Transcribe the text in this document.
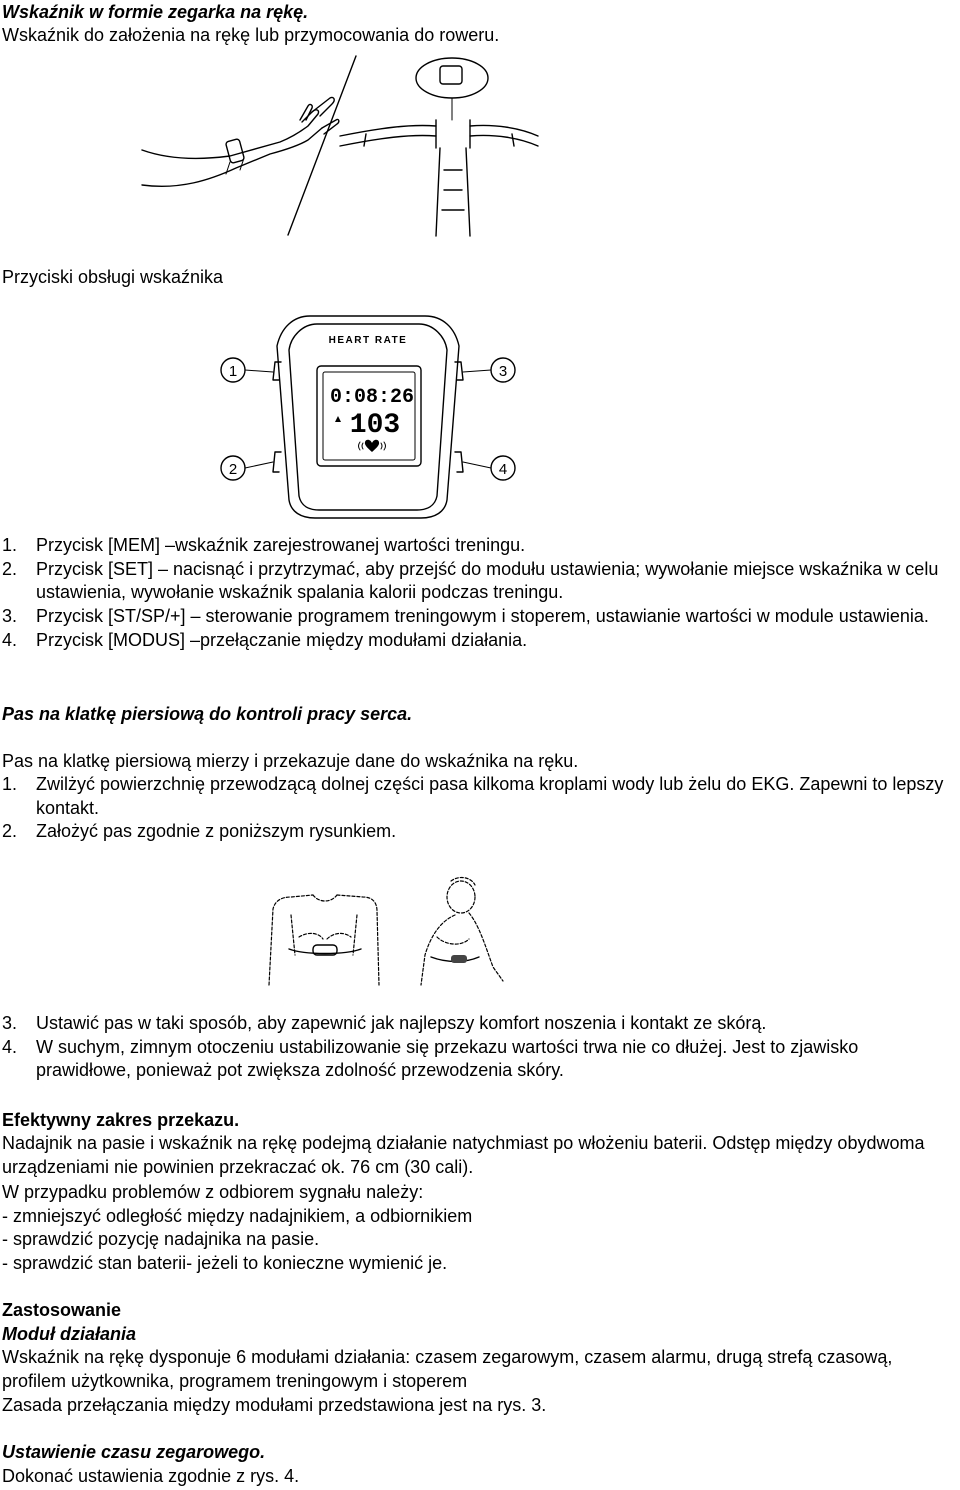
Wskaźnik w formie zegarka na rękę.
Wskaźnik do założenia na rękę lub przymocowania do roweru.
Przyciski obsługi wskaźnika
HEART RATE
0:08:26
103
1
2
3
4
1. Przycisk [MEM] –wskaźnik zarejestrowanej wartości treningu.
2. Przycisk [SET] – nacisnąć i przytrzymać, aby przejść do modułu ustawienia; wywołanie miejsce wskaźnika w celu ustawienia, wywołanie wskaźnik spalania kalorii podczas treningu.
3. Przycisk [ST/SP/+] – sterowanie programem treningowym i stoperem, ustawianie wartości w module ustawienia.
4. Przycisk [MODUS] –przełączanie między modułami działania.
Pas na klatkę piersiową do kontroli pracy serca.
Pas na klatkę piersiową mierzy i przekazuje dane do wskaźnika na ręku.
1. Zwilżyć powierzchnię przewodzącą dolnej części pasa kilkoma kroplami wody lub żelu do EKG. Zapewni to lepszy kontakt.
2. Założyć pas zgodnie z poniższym rysunkiem.
3. Ustawić pas w taki sposób, aby zapewnić jak najlepszy komfort noszenia i kontakt ze skórą.
4. W suchym, zimnym otoczeniu ustabilizowanie się przekazu wartości trwa nie co dłużej. Jest to zjawisko prawidłowe, ponieważ pot zwiększa zdolność przewodzenia skóry.
Efektywny zakres przekazu.
Nadajnik na pasie i wskaźnik na rękę podejmą działanie natychmiast po włożeniu baterii. Odstęp między obydwoma urządzeniami nie powinien przekraczać ok. 76 cm (30 cali).
W przypadku problemów z odbiorem sygnału należy:
- zmniejszyć odległość między nadajnikiem, a odbiornikiem
- sprawdzić pozycję nadajnika na pasie.
- sprawdzić stan baterii- jeżeli to konieczne wymienić je.
Zastosowanie
Moduł działania
Wskaźnik na rękę dysponuje 6 modułami działania: czasem zegarowym, czasem alarmu, drugą strefą czasową, profilem użytkownika, programem treningowym i stoperem
Zasada przełączania między modułami przedstawiona jest na rys. 3.
Ustawienie czasu zegarowego.
Dokonać ustawienia zgodnie z rys. 4.
